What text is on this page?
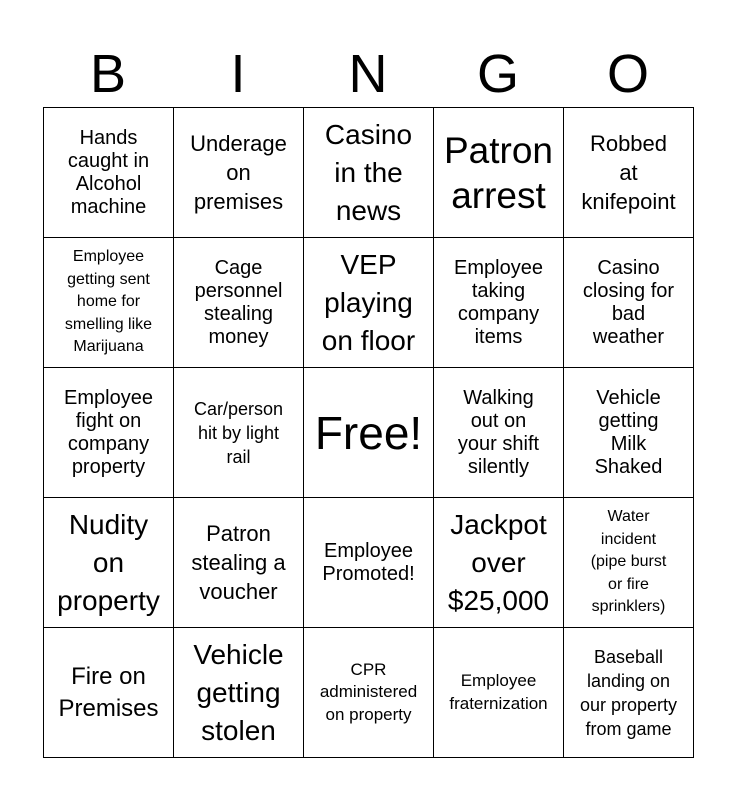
B	I	N	G	O
Hands
caught in
Alcohol
machine	Underage
on
premises	Casino
in the
news	Patron
arrest	Robbed
at
knifepoint

Employee
getting sent
home for
smelling like
Marijuana	Cage
personnel
stealing
money	VEP
playing
on floor	Employee
taking
company
items	Casino
closing for
bad
weather

Employee
fight on
company
property	Car/person
hit by light
rail	Free!	Walking
out on
your shift
silently	Vehicle
getting
Milk
Shaked

Nudity
on
property	Patron
stealing a
voucher	Employee
Promoted!	Jackpot
over
$25,000	Water
incident
(pipe burst
or fire
sprinklers)

Fire on
Premises	Vehicle
getting
stolen	CPR
administered
on property	Employee
fraternization	Baseball
landing on
our property
from game
